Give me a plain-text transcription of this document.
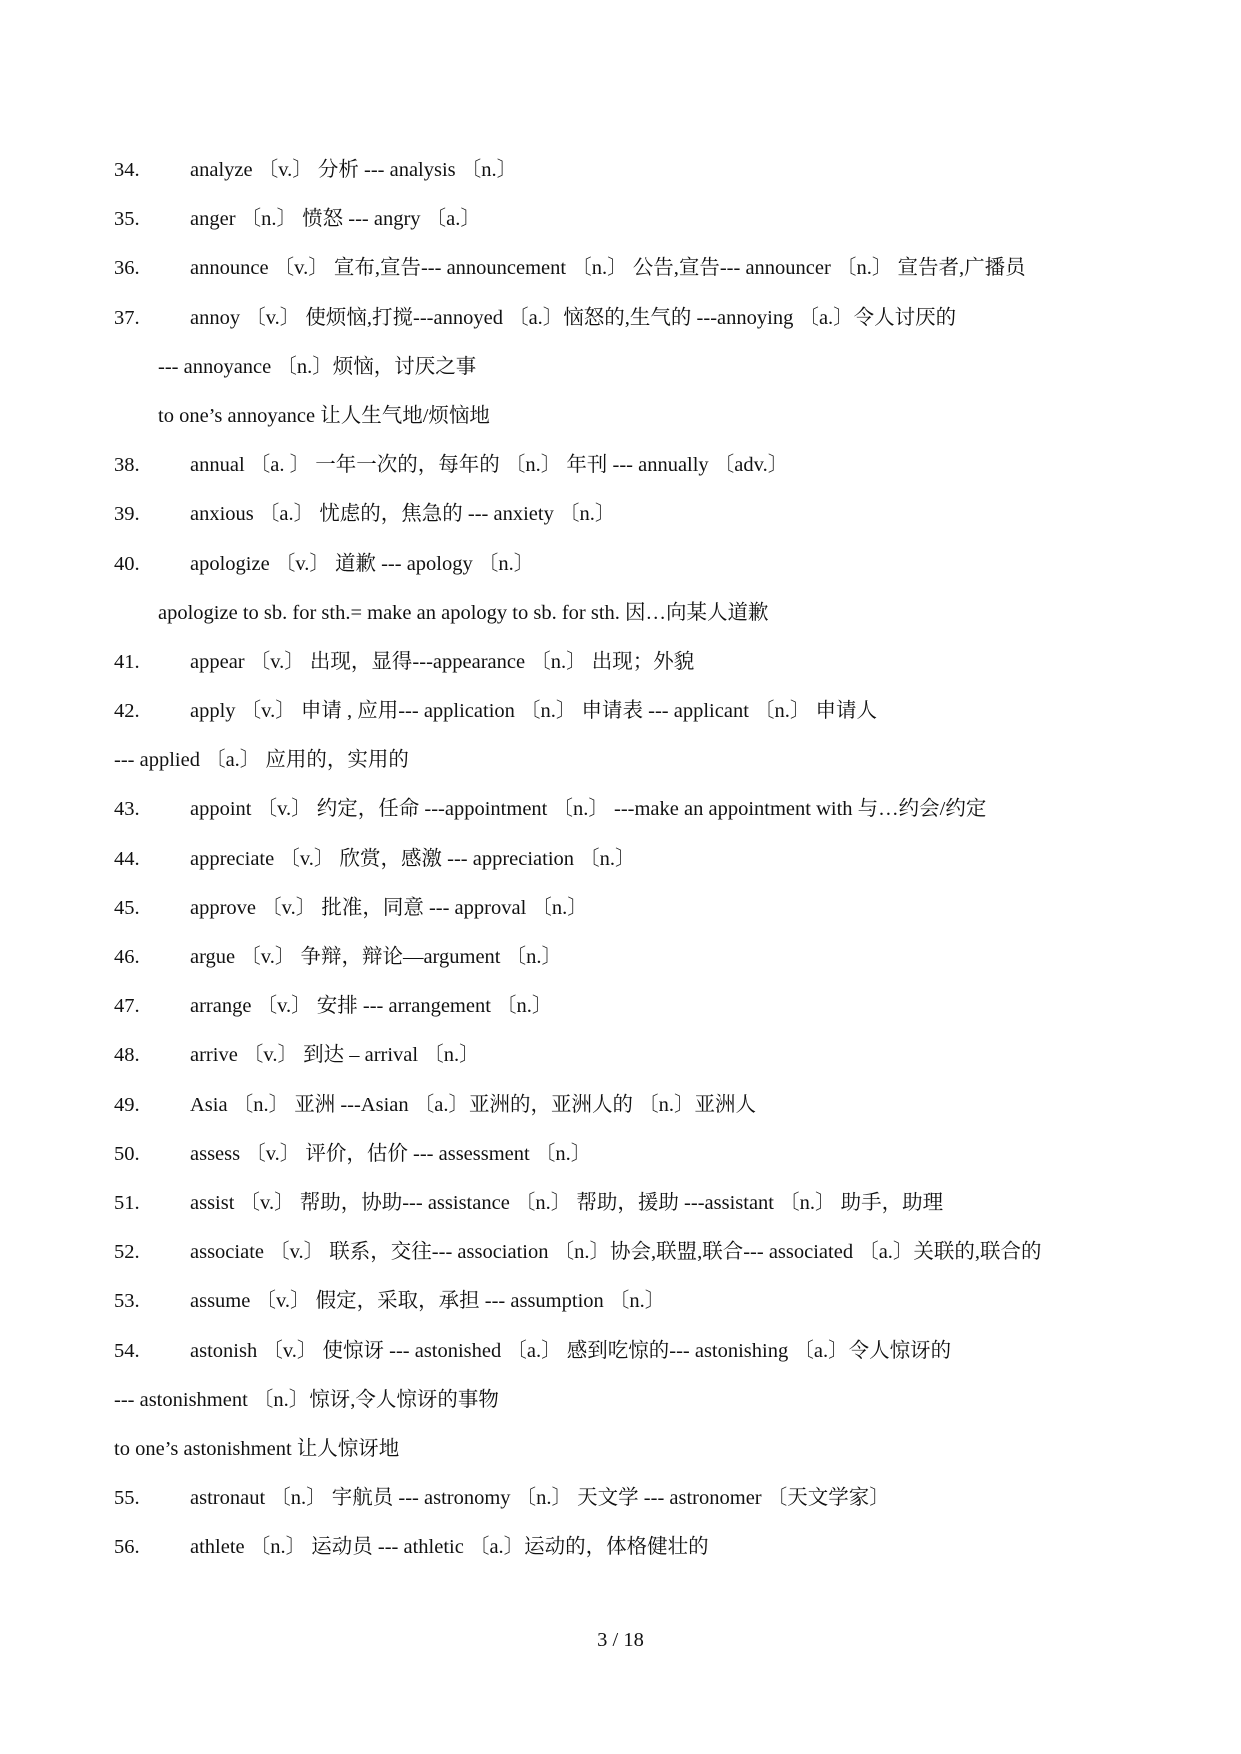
34. analyze 〔v.〕 分析 --- analysis 〔n.〕
35. anger 〔n.〕 愤怒 --- angry 〔a.〕
36. announce 〔v.〕 宣布,宣告--- announcement 〔n.〕 公告,宣告--- announcer 〔n.〕 宣告者,广播员
37. annoy 〔v.〕 使烦恼,打搅---annoyed 〔a.〕恼怒的,生气的 ---annoying 〔a.〕令人讨厌的
--- annoyance 〔n.〕烦恼，讨厌之事
to one’s annoyance 让人生气地/烦恼地
38. annual 〔a. 〕 一年一次的，每年的 〔n.〕 年刊 --- annually 〔adv.〕
39. anxious 〔a.〕 忧虑的，焦急的 --- anxiety 〔n.〕
40. apologize 〔v.〕 道歉 --- apology 〔n.〕
apologize to sb. for sth.= make an apology to sb. for sth. 因…向某人道歉
41. appear 〔v.〕 出现，显得---appearance 〔n.〕 出现；外貌
42. apply 〔v.〕 申请 , 应用--- application 〔n.〕 申请表 --- applicant 〔n.〕 申请人
--- applied 〔a.〕 应用的，实用的
43. appoint 〔v.〕 约定，任命 ---appointment 〔n.〕 ---make an appointment with 与…约会/约定
44. appreciate 〔v.〕 欣赏，感激 --- appreciation 〔n.〕
45. approve 〔v.〕 批准，同意 --- approval 〔n.〕
46. argue 〔v.〕 争辩，辩论—argument 〔n.〕
47. arrange 〔v.〕 安排 --- arrangement 〔n.〕
48. arrive 〔v.〕 到达 – arrival 〔n.〕
49. Asia 〔n.〕 亚洲 ---Asian 〔a.〕亚洲的，亚洲人的 〔n.〕亚洲人
50. assess 〔v.〕 评价，估价 --- assessment 〔n.〕
51. assist 〔v.〕 帮助，协助--- assistance 〔n.〕 帮助，援助 ---assistant 〔n.〕 助手，助理
52. associate 〔v.〕 联系，交往--- association 〔n.〕协会,联盟,联合--- associated 〔a.〕关联的,联合的
53. assume 〔v.〕 假定，采取，承担 --- assumption 〔n.〕
54. astonish 〔v.〕 使惊讶 --- astonished 〔a.〕 感到吃惊的--- astonishing 〔a.〕令人惊讶的
--- astonishment 〔n.〕惊讶,令人惊讶的事物
to one’s astonishment 让人惊讶地
55. astronaut 〔n.〕 宇航员 --- astronomy 〔n.〕 天文学 --- astronomer 〔天文学家〕
56. athlete 〔n.〕 运动员 --- athletic 〔a.〕运动的，体格健壮的
3 / 18
